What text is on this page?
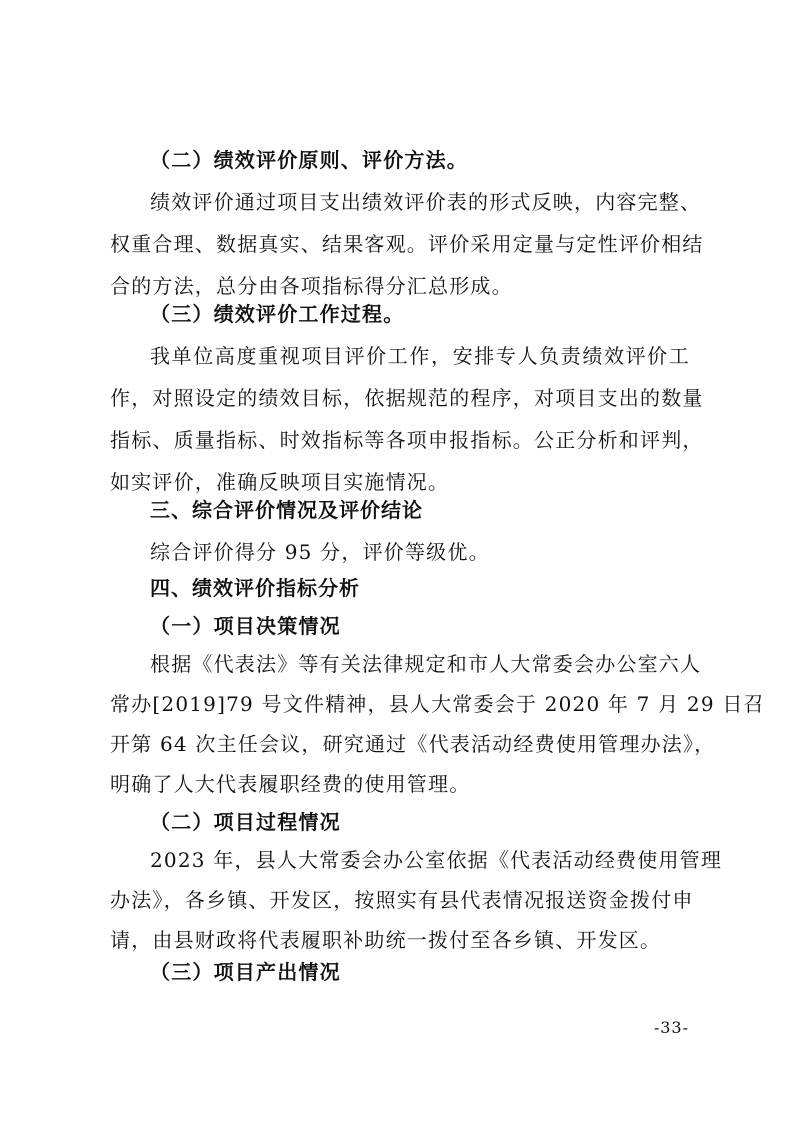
（二）绩效评价原则、评价方法。
绩效评价通过项目支出绩效评价表的形式反映，内容完整、
权重合理、数据真实、结果客观。评价采用定量与定性评价相结
合的方法，总分由各项指标得分汇总形成。
（三）绩效评价工作过程。
我单位高度重视项目评价工作，安排专人负责绩效评价工
作，对照设定的绩效目标，依据规范的程序，对项目支出的数量
指标、质量指标、时效指标等各项申报指标。公正分析和评判，
如实评价，准确反映项目实施情况。
三、综合评价情况及评价结论
综合评价得分 95 分，评价等级优。
四、绩效评价指标分析
（一）项目决策情况
根据《代表法》等有关法律规定和市人大常委会办公室六人
常办[2019]79 号文件精神，县人大常委会于 2020 年 7 月 29 日召
开第 64 次主任会议，研究通过《代表活动经费使用管理办法》，
明确了人大代表履职经费的使用管理。
（二）项目过程情况
2023 年，县人大常委会办公室依据《代表活动经费使用管理
办法》，各乡镇、开发区，按照实有县代表情况报送资金拨付申
请，由县财政将代表履职补助统一拨付至各乡镇、开发区。
（三）项目产出情况
-33-
